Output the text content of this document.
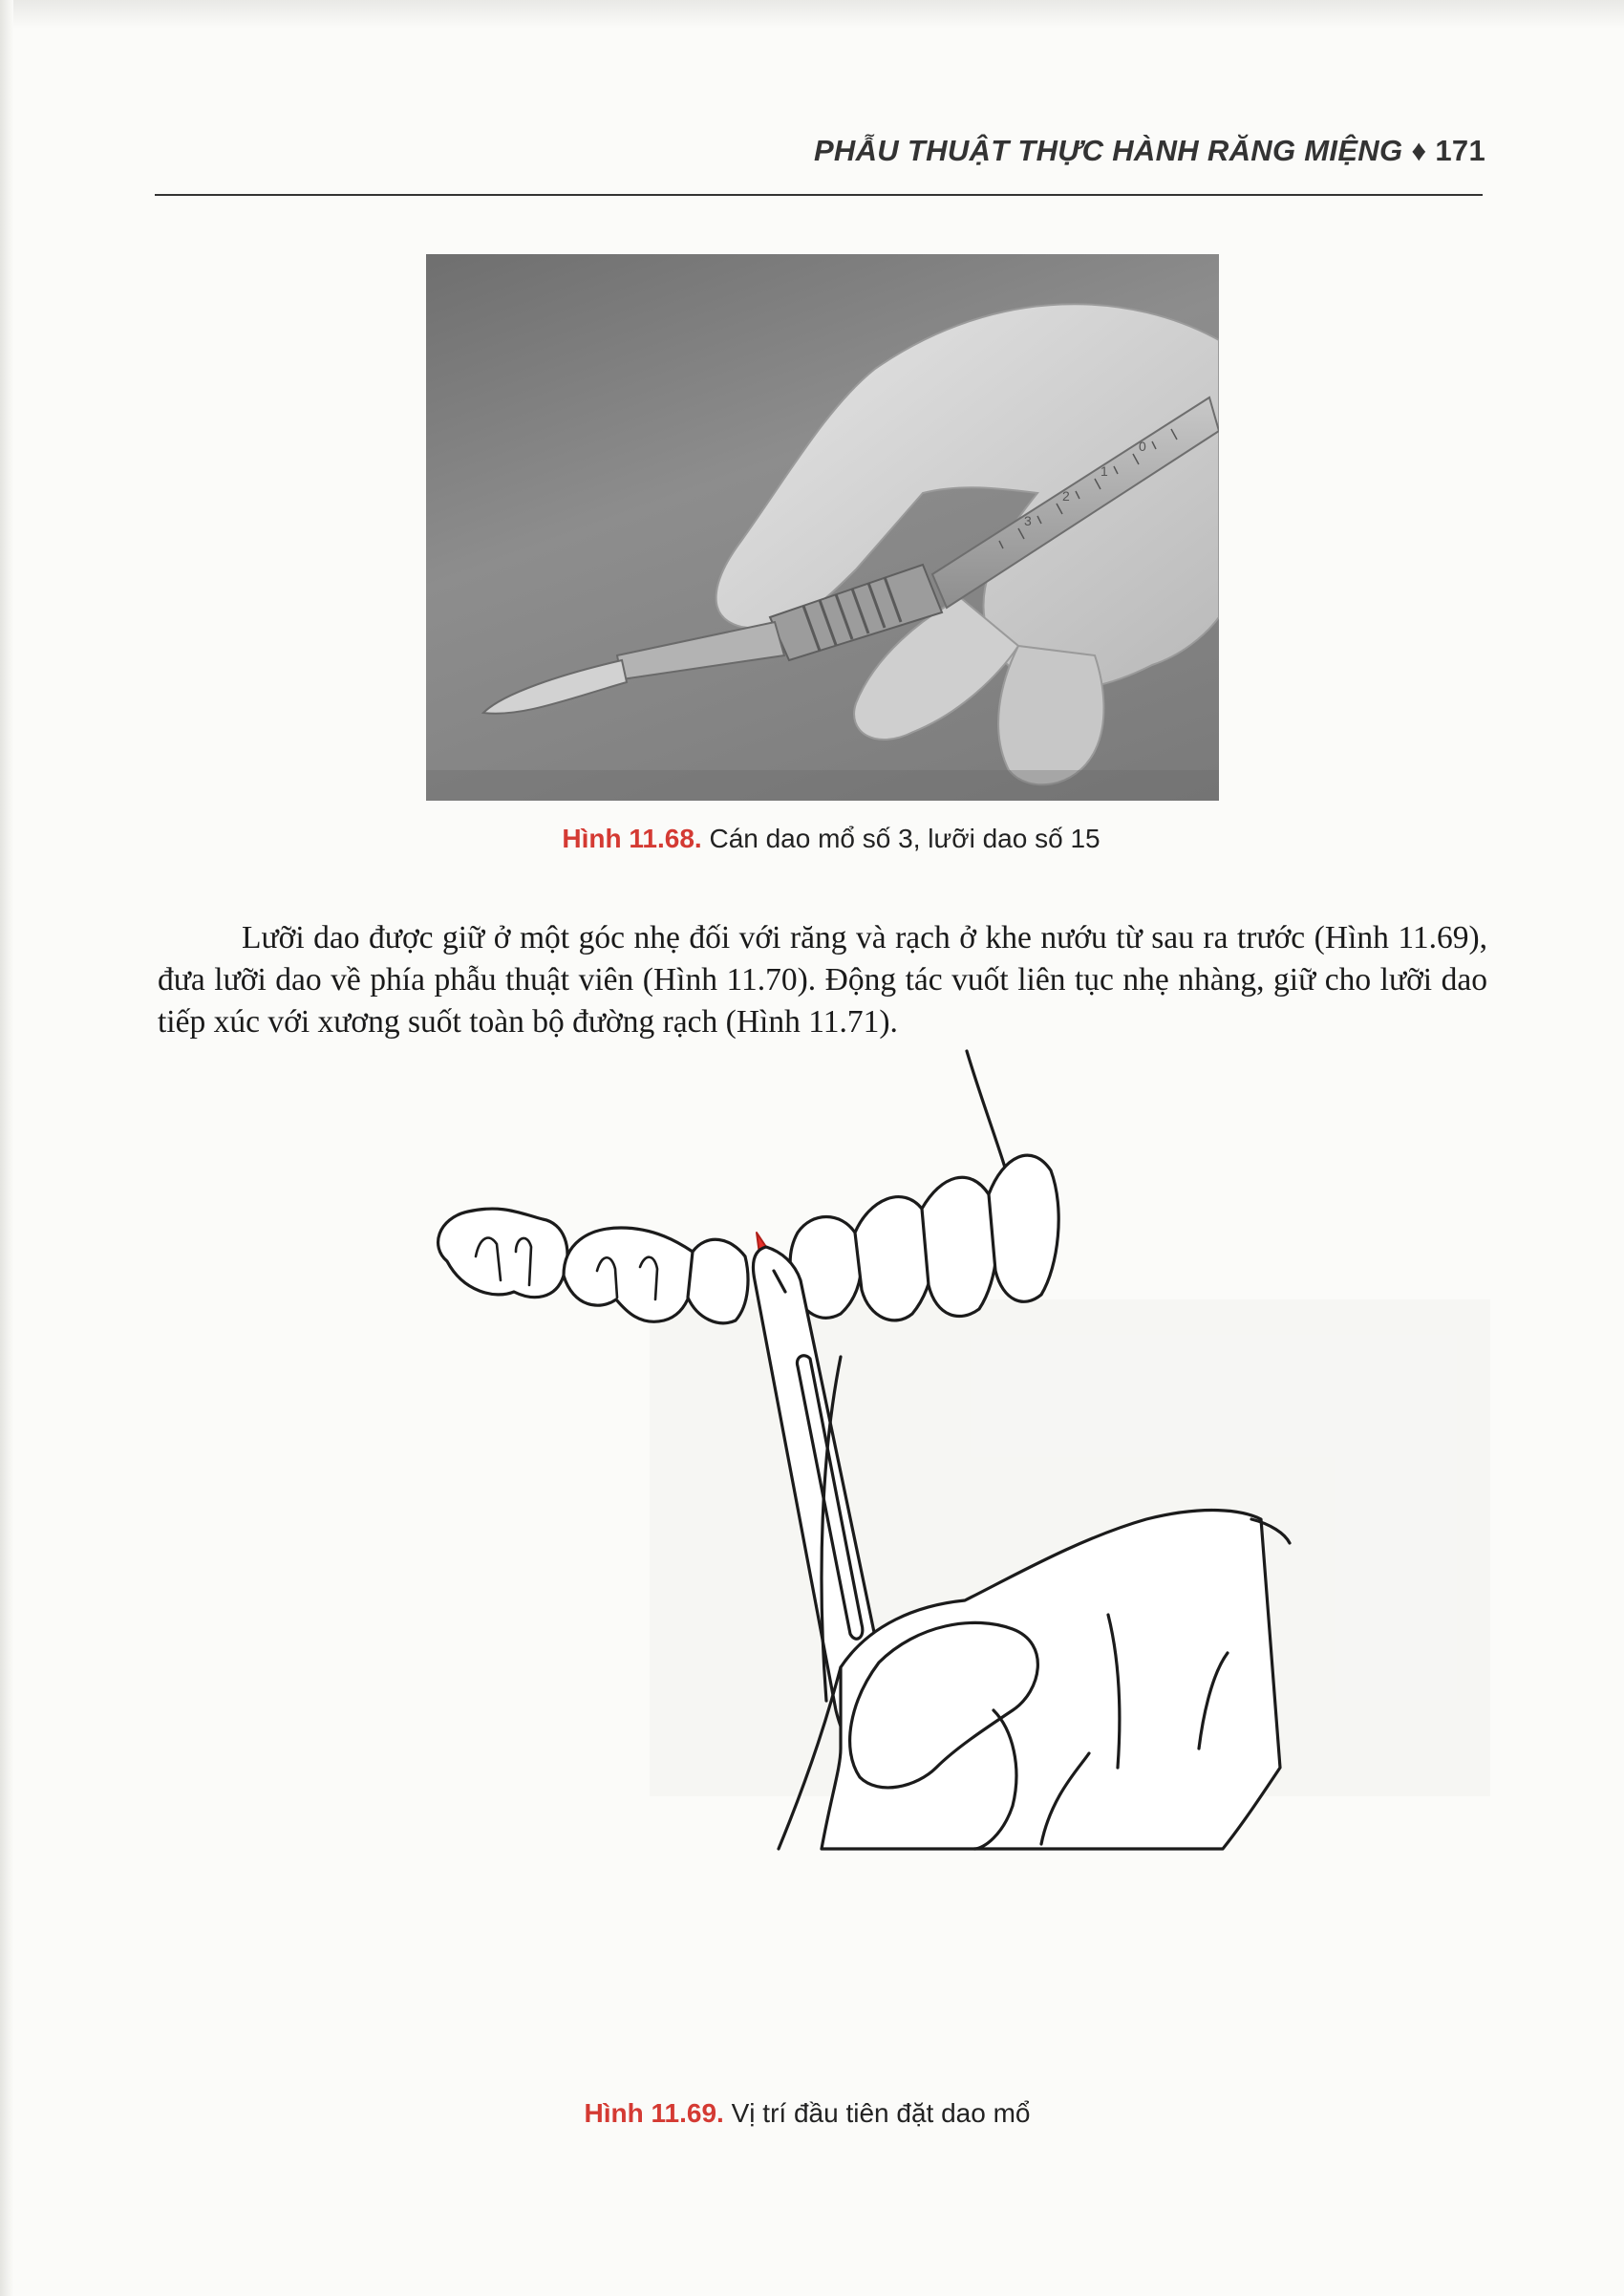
PHẪU THUẬT THỰC HÀNH RĂNG MIỆNG ♦ 171
3
2
1
0
Hình 11.68. Cán dao mổ số 3, lưỡi dao số 15

Lưỡi dao được giữ ở một góc nhẹ đối với răng và rạch ở khe nướu từ sau ra trước (Hình 11.69), đưa lưỡi dao về phía phẫu thuật viên (Hình 11.70). Động tác vuốt liên tục nhẹ nhàng, giữ cho lưỡi dao tiếp xúc với xương suốt toàn bộ đường rạch (Hình 11.71).

Hình 11.69. Vị trí đầu tiên đặt dao mổ
